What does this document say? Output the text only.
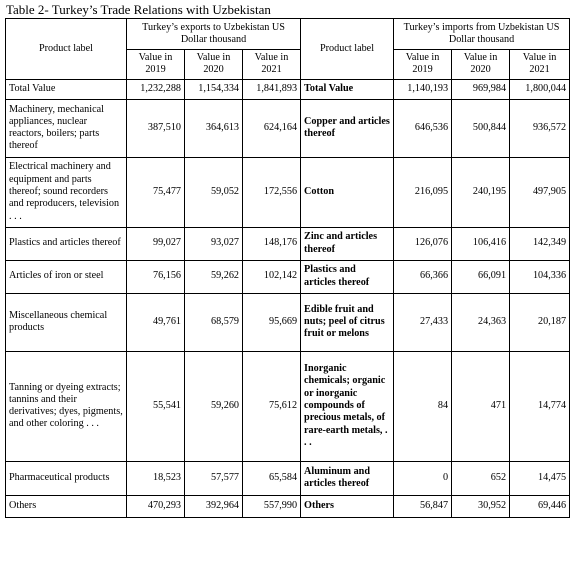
Table 2- Turkey’s Trade Relations with Uzbekistan
Product label	Turkey’s exports to Uzbekistan US Dollar thousand			Product label	Turkey’s imports from Uzbekistan US Dollar thousand		
	Value in 2019	Value in 2020	Value in 2021		Value in 2019	Value in 2020	Value in 2021
Total Value	1,232,288	1,154,334	1,841,893	Total Value	1,140,193	969,984	1,800,044
Machinery, mechanical appliances, nuclear reactors, boilers; parts thereof	387,510	364,613	624,164	Copper and articles thereof	646,536	500,844	936,572
Electrical machinery and equipment and parts thereof; sound recorders and reproducers, television . . .	75,477	59,052	172,556	Cotton	216,095	240,195	497,905
Plastics and articles thereof	99,027	93,027	148,176	Zinc and articles thereof	126,076	106,416	142,349
Articles of iron or steel	76,156	59,262	102,142	Plastics and articles thereof	66,366	66,091	104,336
Miscellaneous chemical products	49,761	68,579	95,669	Edible fruit and nuts; peel of citrus fruit or melons	27,433	24,363	20,187
Tanning or dyeing extracts; tannins and their derivatives; dyes, pigments, and other coloring . . .	55,541	59,260	75,612	Inorganic chemicals; organic or inorganic compounds of precious metals, of rare-earth metals, . . .	84	471	14,774
Pharmaceutical products	18,523	57,577	65,584	Aluminum and articles thereof	0	652	14,475
Others	470,293	392,964	557,990	Others	56,847	30,952	69,446
